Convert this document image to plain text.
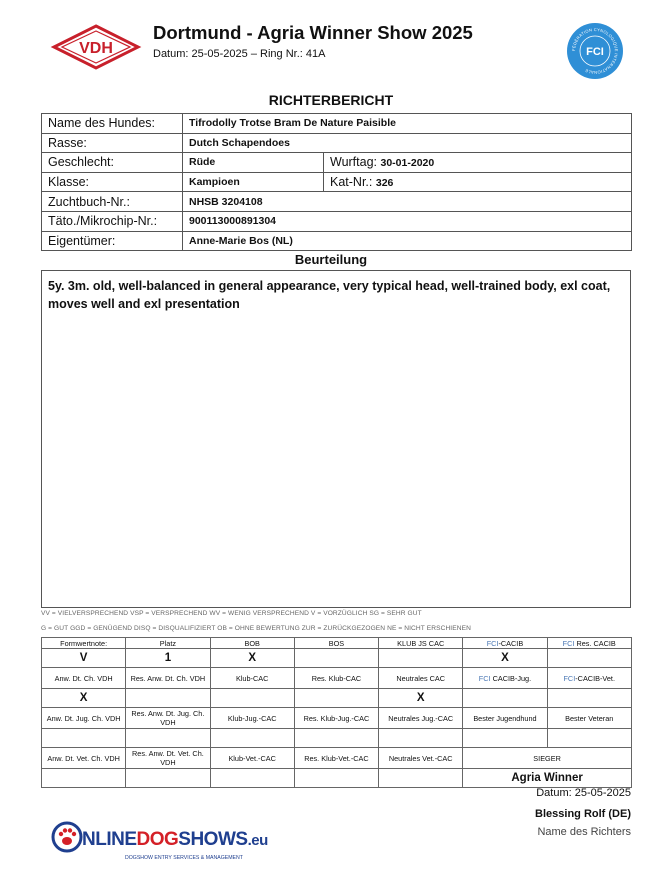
VDH
Dortmund - Agria Winner Show 2025
Datum: 25-05-2025 – Ring Nr.: 41A	FÉDÉRATION CYNOLOGIQUE INTERNATIONALE
FCI
RICHTERBERICHT
Name des Hundes:	Tifrodolly Trotse Bram De Nature Paisible	
Rasse:	Dutch Schapendoes	
Geschlecht:	Rüde	Wurftag: 30-01-2020
Klasse:	Kampioen	Kat-Nr.: 326
Zuchtbuch-Nr.:	NHSB 3204108	
Täto./Mikrochip-Nr.:	900113000891304	
Eigentümer:	Anne-Marie Bos (NL)	
Beurteilung
5y. 3m. old, well-balanced in general appearance, very typical head, well-trained body, exl coat, moves well and exl presentation
VV = VIELVERSPRECHEND VSP = VERSPRECHEND WV = WENIG VERSPRECHEND V = VORZÜGLICH SG = SEHR GUT
G = GUT GGD = GENÜGEND DISQ = DISQUALIFIZIERT OB = OHNE BEWERTUNG ZUR = ZURÜCKGEZOGEN NE = NICHT ERSCHIENEN
Formwertnote:	Platz	BOB	BOS	KLUB JS CAC	FCI-CACIB	FCI Res. CACIB
V	1	X			X	
Anw. Dt. Ch. VDH	Res. Anw. Dt. Ch. VDH	Klub-CAC	Res. Klub-CAC	Neutrales CAC	FCI CACIB-Jug.	FCI-CACIB-Vet.
X				X		
Anw. Dt. Jug. Ch. VDH	Res. Anw. Dt. Jug. Ch. VDH	Klub-Jug.-CAC	Res. Klub-Jug.-CAC	Neutrales Jug.-CAC	Bester Jugendhund	Bester Veteran

Anw. Dt. Vet. Ch. VDH	Res. Anw. Dt. Vet. Ch. VDH	Klub-Vet.-CAC	Res. Klub-Vet.-CAC	Neutrales Vet.-CAC	SIEGER	
					Agria Winner	
Datum: 25-05-2025
Blessing Rolf (DE)
Name des Richters
NLINEDOGSHOWS.eu
DOGSHOW ENTRY SERVICES & MANAGEMENT
